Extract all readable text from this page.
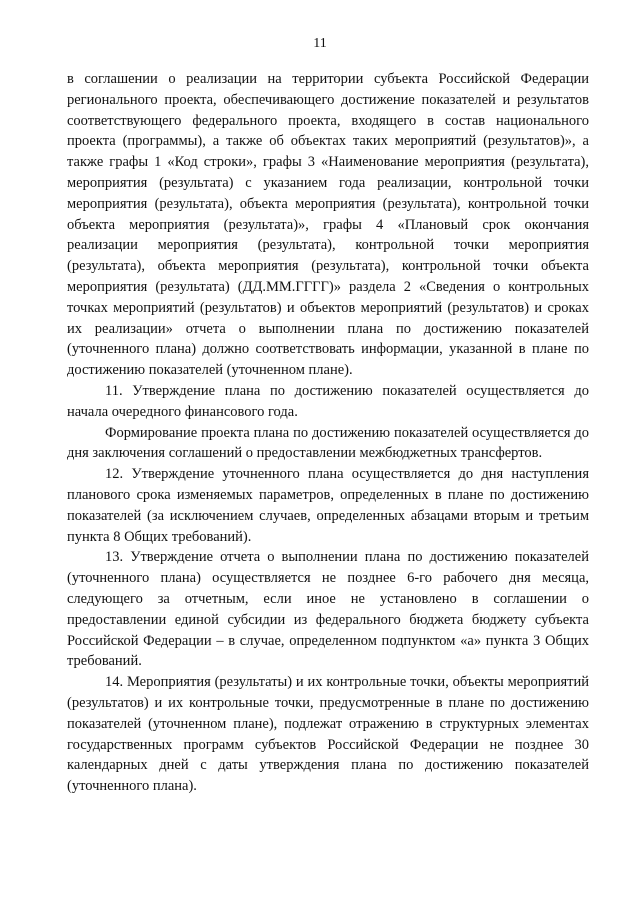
11

в соглашении о реализации на территории субъекта Российской Федерации регионального проекта, обеспечивающего достижение показателей и результатов соответствующего федерального проекта, входящего в состав национального проекта (программы), а также об объектах таких мероприятий (результатов)», а также графы 1 «Код строки», графы 3 «Наименование мероприятия (результата), мероприятия (результата) с указанием года реализации, контрольной точки мероприятия (результата), объекта мероприятия (результата), контрольной точки объекта мероприятия (результата)», графы 4 «Плановый срок окончания реализации мероприятия (результата), контрольной точки мероприятия (результата), объекта мероприятия (результата), контрольной точки объекта мероприятия (результата) (ДД.ММ.ГГГГ)» раздела 2 «Сведения о контрольных точках мероприятий (результатов) и объектов мероприятий (результатов) и сроках их реализации» отчета о выполнении плана по достижению показателей (уточненного плана) должно соответствовать информации, указанной в плане по достижению показателей (уточненном плане).

11. Утверждение плана по достижению показателей осуществляется до начала очередного финансового года.

Формирование проекта плана по достижению показателей осуществляется до дня заключения соглашений о предоставлении межбюджетных трансфертов.

12. Утверждение уточненного плана осуществляется до дня наступления планового срока изменяемых параметров, определенных в плане по достижению показателей (за исключением случаев, определенных абзацами вторым и третьим пункта 8 Общих требований).

13. Утверждение отчета о выполнении плана по достижению показателей (уточненного плана) осуществляется не позднее 6-го рабочего дня месяца, следующего за отчетным, если иное не установлено в соглашении о предоставлении единой субсидии из федерального бюджета бюджету субъекта Российской Федерации – в случае, определенном подпунктом «а» пункта 3 Общих требований.

14. Мероприятия (результаты) и их контрольные точки, объекты мероприятий (результатов) и их контрольные точки, предусмотренные в плане по достижению показателей (уточненном плане), подлежат отражению в структурных элементах государственных программ субъектов Российской Федерации не позднее 30 календарных дней с даты утверждения плана по достижению показателей (уточненного плана).
